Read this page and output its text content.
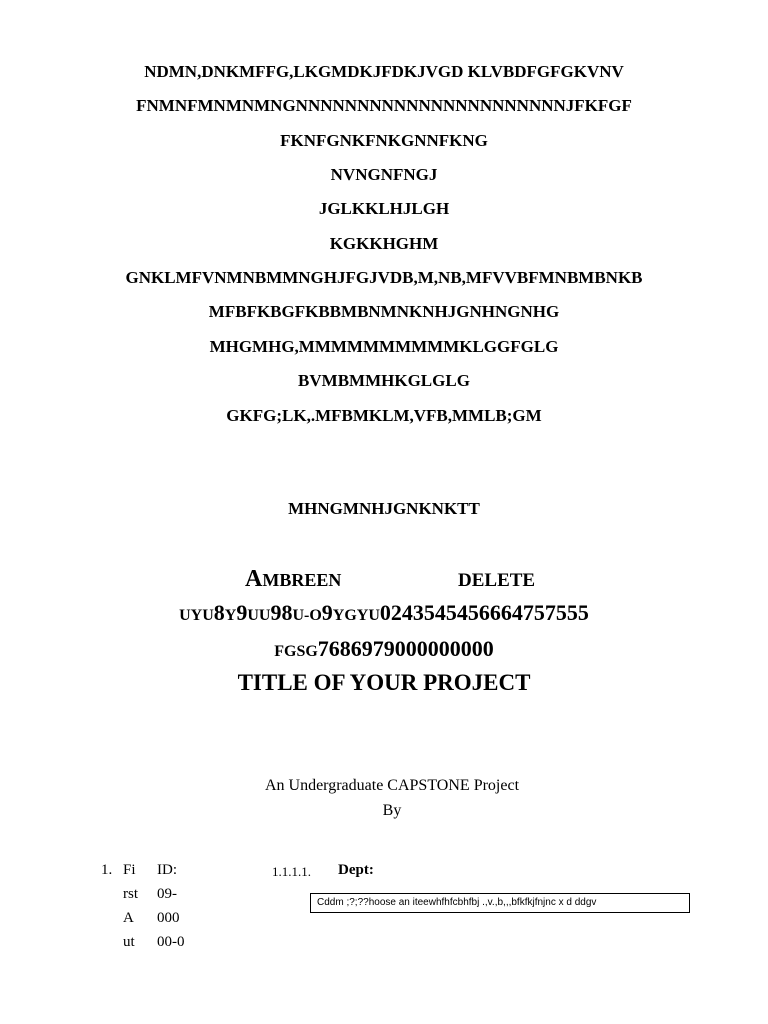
NDMN,DNKMFFG,LKGMDKJFDKJVGD KLVBDFGFGKVNV
FNMNFMNMNMNGNNNNNNNNNNNNNNNNNNNNNNJFKFGF
FKNFGNKFNKGNNFKNG
NVNGNFNGJ
JGLKKLHJLGH
KGKKHGHM
GNKLMFVNMNBMMNGHJFGJVDB,M,NB,MFVVBFMNBMBNKB
MFBFKBGFKBBMBNMNKNHJGNHNGNHG
MHGMHG,MMMMMMMMMMKLGGFGLG
BVMBMMHKGLGLG
GKFG;LK,.MFBMKLM,VFB,MMLB;GM
MHNGMNHJGNKNKTT
AMBREEN	DELETE
UYU8Y9UU98U-O9YGYU0243545456664757555
FGSG7686979000000000
TITLE OF YOUR PROJECT
An Undergraduate CAPSTONE Project
By
1. Fi
rst
A
ut
ID:
09-
000
00-0
1.1.1.1. Dept:
Cddm ;?;??hoose an iteewhfhfcbhfbj .,v.,b,,,bfkfkjfnjnc x d ddgv
